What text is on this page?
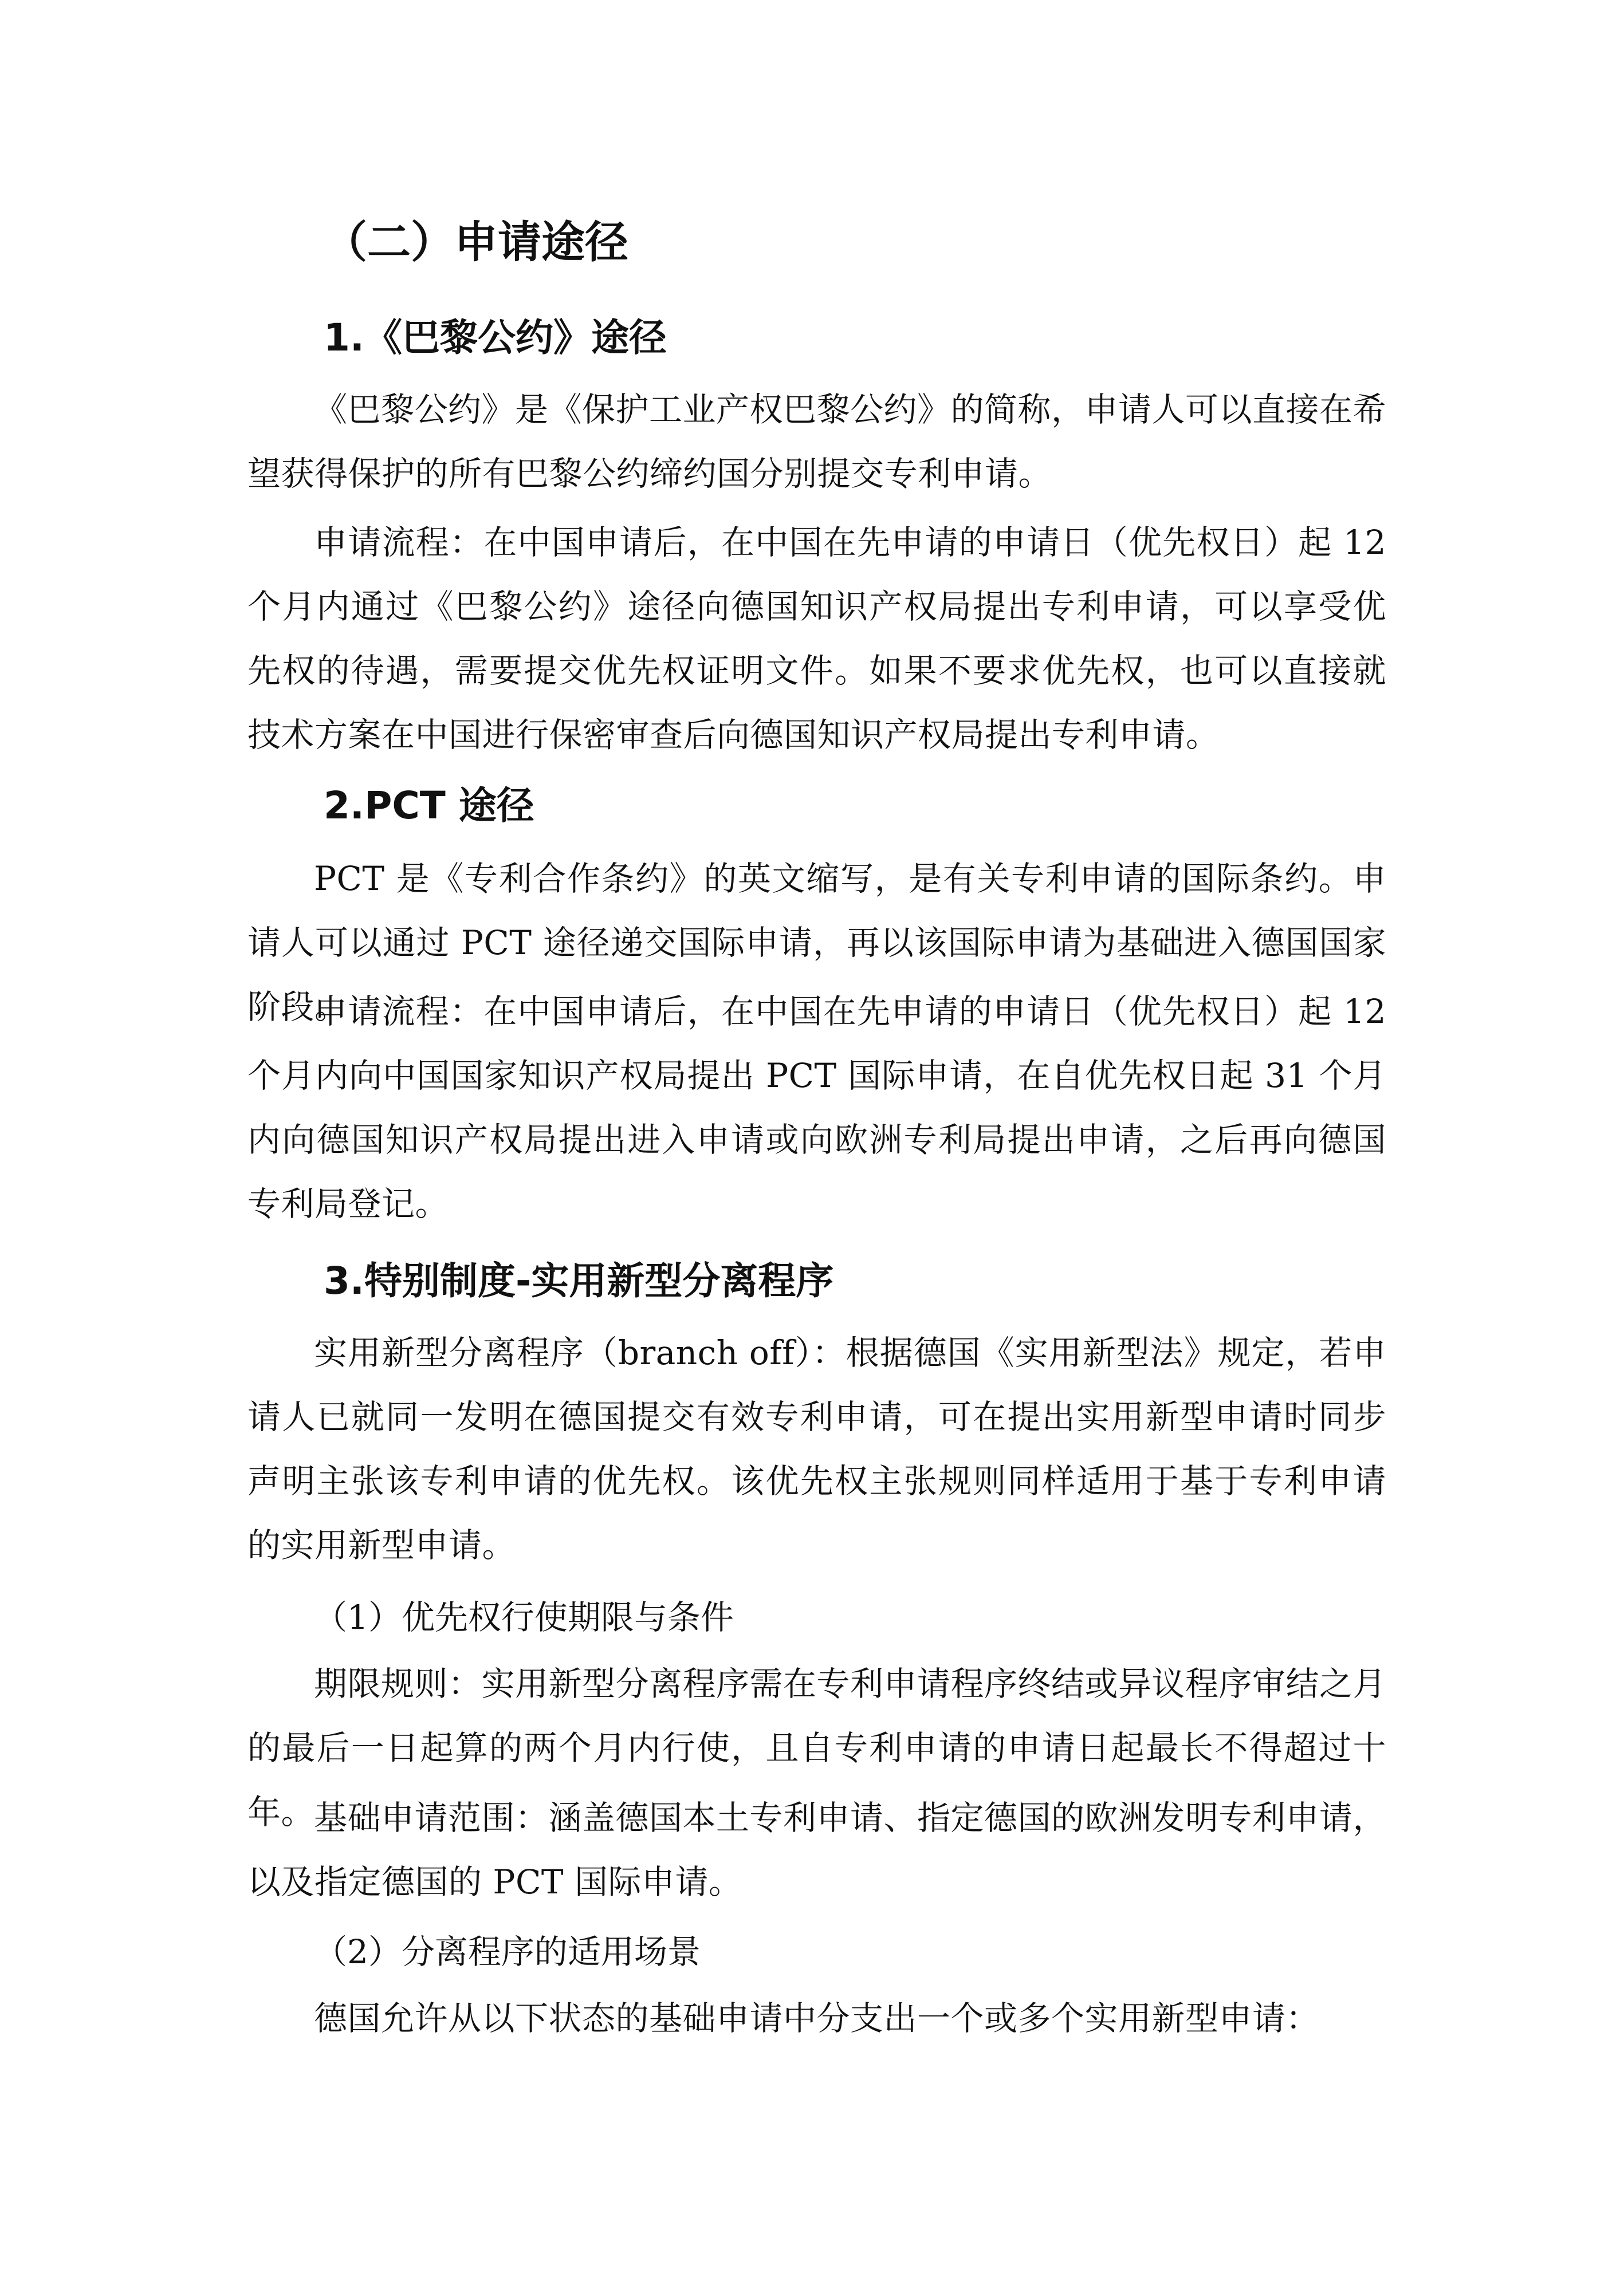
（二）申请途径
1.《巴黎公约》途径

《巴黎公约》是《保护工业产权巴黎公约》的简称，申请人可以直接在希望获得保护的所有巴黎公约缔约国分别提交专利申请。

申请流程：在中国申请后，在中国在先申请的申请日（优先权日）起 12 个月内通过《巴黎公约》途径向德国知识产权局提出专利申请，可以享受优先权的待遇，需要提交优先权证明文件。如果不要求优先权，也可以直接就技术方案在中国进行保密审查后向德国知识产权局提出专利申请。

2.PCT 途径

PCT 是《专利合作条约》的英文缩写，是有关专利申请的国际条约。申请人可以通过 PCT 途径递交国际申请，再以该国际申请为基础进入德国国家阶段。

申请流程：在中国申请后，在中国在先申请的申请日（优先权日）起 12 个月内向中国国家知识产权局提出 PCT 国际申请，在自优先权日起 31 个月内向德国知识产权局提出进入申请或向欧洲专利局提出申请，之后再向德国专利局登记。

3.特别制度-实用新型分离程序

实用新型分离程序（branch off）：根据德国《实用新型法》规定，若申请人已就同一发明在德国提交有效专利申请，可在提出实用新型申请时同步声明主张该专利申请的优先权。该优先权主张规则同样适用于基于专利申请的实用新型申请。

（1）优先权行使期限与条件

期限规则：实用新型分离程序需在专利申请程序终结或异议程序审结之月的最后一日起算的两个月内行使，且自专利申请的申请日起最长不得超过十年。

基础申请范围：涵盖德国本土专利申请、指定德国的欧洲发明专利申请，以及指定德国的 PCT 国际申请。

（2）分离程序的适用场景

德国允许从以下状态的基础申请中分支出一个或多个实用新型申请：
